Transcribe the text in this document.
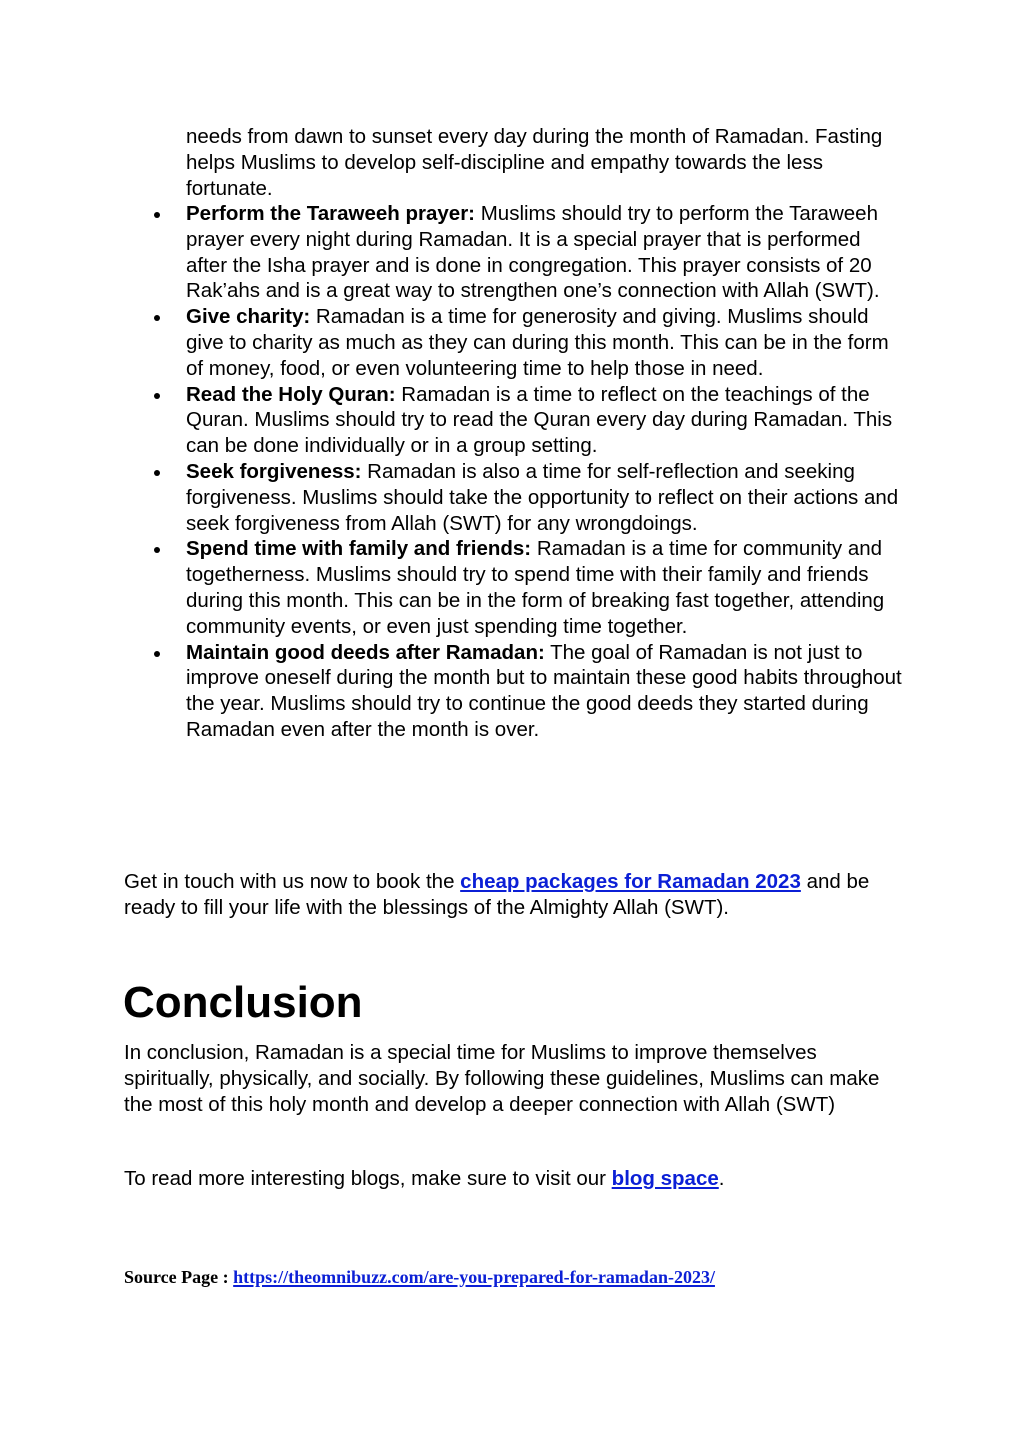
needs from dawn to sunset every day during the month of Ramadan. Fasting helps Muslims to develop self-discipline and empathy towards the less fortunate.
Perform the Taraweeh prayer: Muslims should try to perform the Taraweeh prayer every night during Ramadan. It is a special prayer that is performed after the Isha prayer and is done in congregation. This prayer consists of 20 Rak’ahs and is a great way to strengthen one’s connection with Allah (SWT).
Give charity: Ramadan is a time for generosity and giving. Muslims should give to charity as much as they can during this month. This can be in the form of money, food, or even volunteering time to help those in need.
Read the Holy Quran: Ramadan is a time to reflect on the teachings of the Quran. Muslims should try to read the Quran every day during Ramadan. This can be done individually or in a group setting.
Seek forgiveness: Ramadan is also a time for self-reflection and seeking forgiveness. Muslims should take the opportunity to reflect on their actions and seek forgiveness from Allah (SWT) for any wrongdoings.
Spend time with family and friends: Ramadan is a time for community and togetherness. Muslims should try to spend time with their family and friends during this month. This can be in the form of breaking fast together, attending community events, or even just spending time together.
Maintain good deeds after Ramadan: The goal of Ramadan is not just to improve oneself during the month but to maintain these good habits throughout the year. Muslims should try to continue the good deeds they started during Ramadan even after the month is over.

Get in touch with us now to book the cheap packages for Ramadan 2023 and be ready to fill your life with the blessings of the Almighty Allah (SWT).

Conclusion

In conclusion, Ramadan is a special time for Muslims to improve themselves spiritually, physically, and socially. By following these guidelines, Muslims can make the most of this holy month and develop a deeper connection with Allah (SWT)

To read more interesting blogs, make sure to visit our blog space.

Source Page : https://theomnibuzz.com/are-you-prepared-for-ramadan-2023/
